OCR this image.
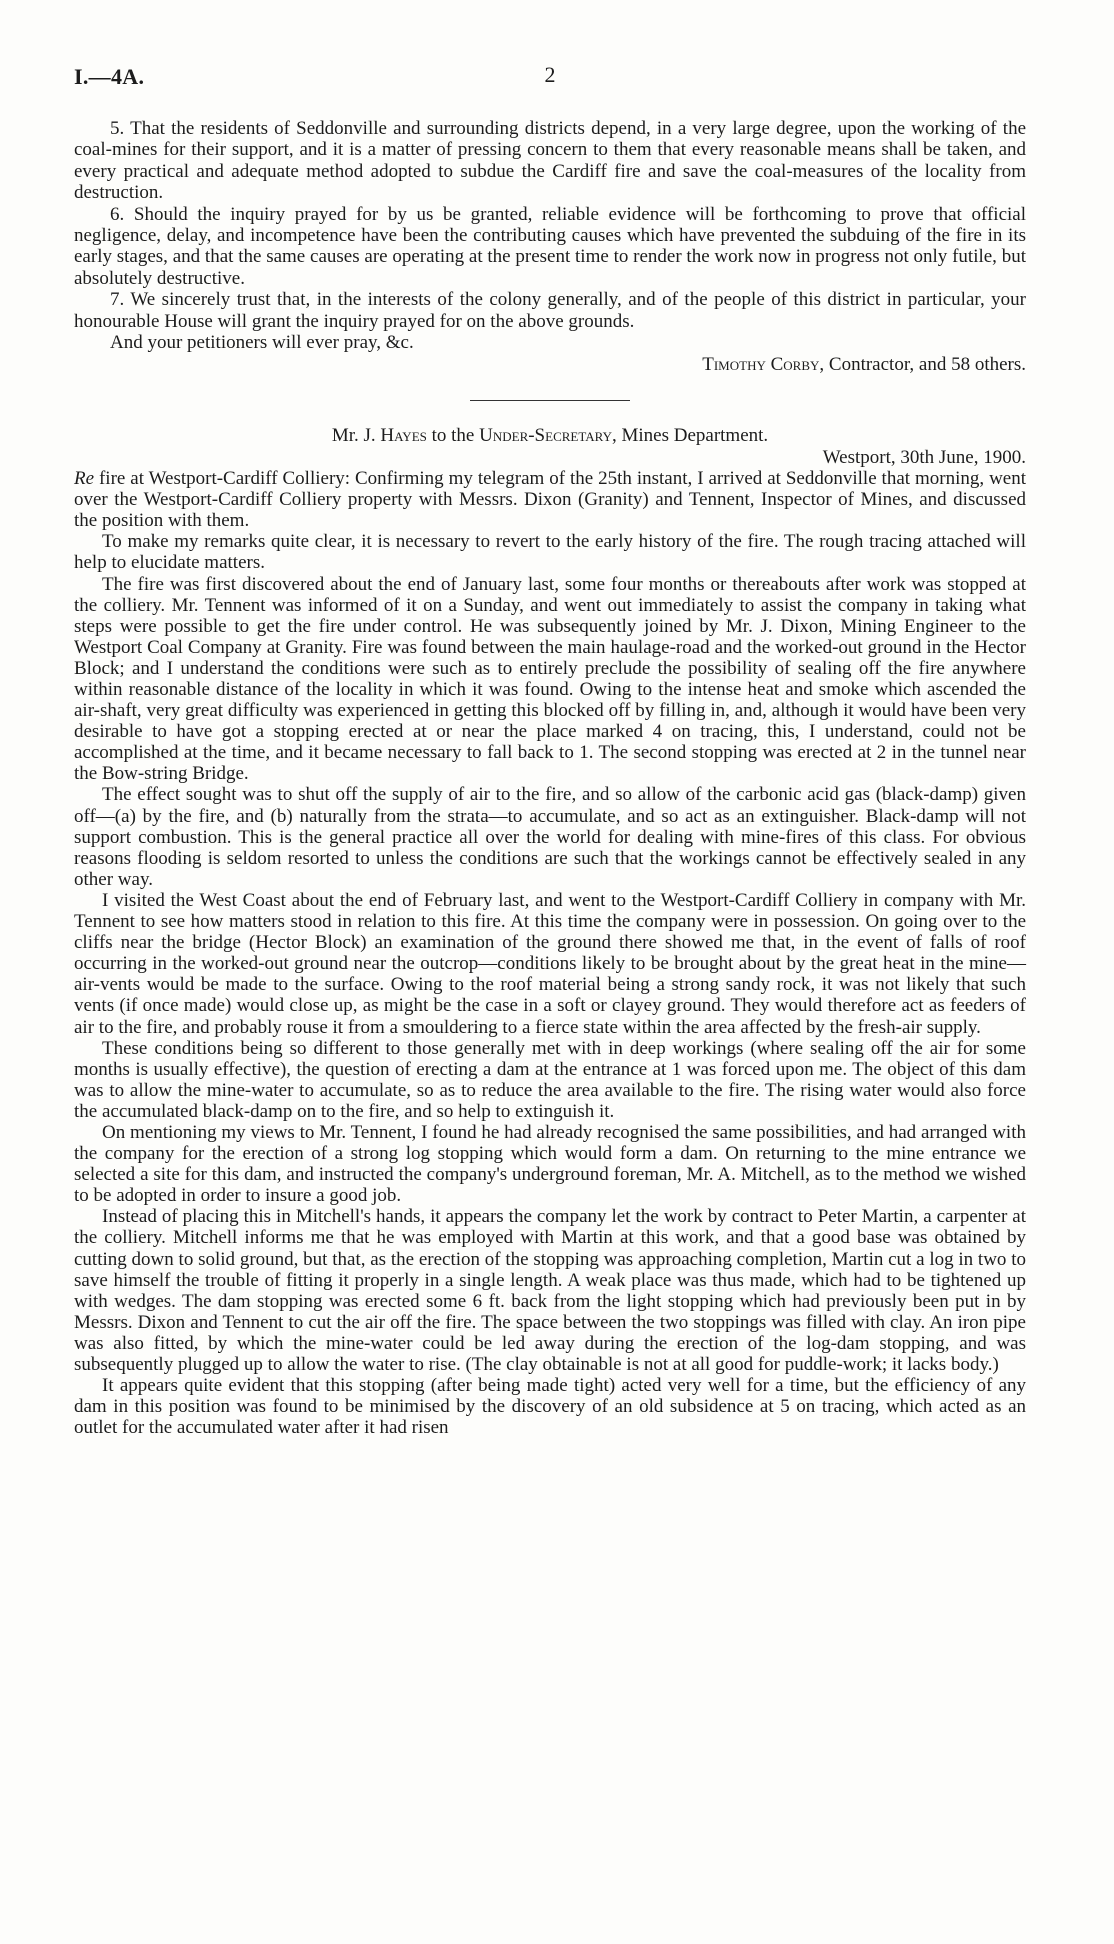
I.—4A.	2

5. That the residents of Seddonville and surrounding districts depend, in a very large degree, upon the working of the coal-mines for their support, and it is a matter of pressing concern to them that every reasonable means shall be taken, and every practical and adequate method adopted to subdue the Cardiff fire and save the coal-measures of the locality from destruction.

6. Should the inquiry prayed for by us be granted, reliable evidence will be forthcoming to prove that official negligence, delay, and incompetence have been the contributing causes which have prevented the subduing of the fire in its early stages, and that the same causes are operating at the present time to render the work now in progress not only futile, but absolutely destructive.

7. We sincerely trust that, in the interests of the colony generally, and of the people of this district in particular, your honourable House will grant the inquiry prayed for on the above grounds.

And your petitioners will ever pray, &c.

Timothy Corby, Contractor, and 58 others.

Mr. J. Hayes to the Under-Secretary, Mines Department.

Westport, 30th June, 1900.

Re fire at Westport-Cardiff Colliery: Confirming my telegram of the 25th instant, I arrived at Seddonville that morning, went over the Westport-Cardiff Colliery property with Messrs. Dixon (Granity) and Tennent, Inspector of Mines, and discussed the position with them.

To make my remarks quite clear, it is necessary to revert to the early history of the fire. The rough tracing attached will help to elucidate matters.

The fire was first discovered about the end of January last, some four months or thereabouts after work was stopped at the colliery. Mr. Tennent was informed of it on a Sunday, and went out immediately to assist the company in taking what steps were possible to get the fire under control. He was subsequently joined by Mr. J. Dixon, Mining Engineer to the Westport Coal Company at Granity. Fire was found between the main haulage-road and the worked-out ground in the Hector Block; and I understand the conditions were such as to entirely preclude the possibility of sealing off the fire anywhere within reasonable distance of the locality in which it was found. Owing to the intense heat and smoke which ascended the air-shaft, very great difficulty was experienced in getting this blocked off by filling in, and, although it would have been very desirable to have got a stopping erected at or near the place marked 4 on tracing, this, I understand, could not be accomplished at the time, and it became necessary to fall back to 1. The second stopping was erected at 2 in the tunnel near the Bow-string Bridge.

The effect sought was to shut off the supply of air to the fire, and so allow of the carbonic acid gas (black-damp) given off—(a) by the fire, and (b) naturally from the strata—to accumulate, and so act as an extinguisher. Black-damp will not support combustion. This is the general practice all over the world for dealing with mine-fires of this class. For obvious reasons flooding is seldom resorted to unless the conditions are such that the workings cannot be effectively sealed in any other way.

I visited the West Coast about the end of February last, and went to the Westport-Cardiff Colliery in company with Mr. Tennent to see how matters stood in relation to this fire. At this time the company were in possession. On going over to the cliffs near the bridge (Hector Block) an examination of the ground there showed me that, in the event of falls of roof occurring in the worked-out ground near the outcrop—conditions likely to be brought about by the great heat in the mine—air-vents would be made to the surface. Owing to the roof material being a strong sandy rock, it was not likely that such vents (if once made) would close up, as might be the case in a soft or clayey ground. They would therefore act as feeders of air to the fire, and probably rouse it from a smouldering to a fierce state within the area affected by the fresh-air supply.

These conditions being so different to those generally met with in deep workings (where sealing off the air for some months is usually effective), the question of erecting a dam at the entrance at 1 was forced upon me. The object of this dam was to allow the mine-water to accumulate, so as to reduce the area available to the fire. The rising water would also force the accumulated black-damp on to the fire, and so help to extinguish it.

On mentioning my views to Mr. Tennent, I found he had already recognised the same possibilities, and had arranged with the company for the erection of a strong log stopping which would form a dam. On returning to the mine entrance we selected a site for this dam, and instructed the company's underground foreman, Mr. A. Mitchell, as to the method we wished to be adopted in order to insure a good job.

Instead of placing this in Mitchell's hands, it appears the company let the work by contract to Peter Martin, a carpenter at the colliery. Mitchell informs me that he was employed with Martin at this work, and that a good base was obtained by cutting down to solid ground, but that, as the erection of the stopping was approaching completion, Martin cut a log in two to save himself the trouble of fitting it properly in a single length. A weak place was thus made, which had to be tightened up with wedges. The dam stopping was erected some 6 ft. back from the light stopping which had previously been put in by Messrs. Dixon and Tennent to cut the air off the fire. The space between the two stoppings was filled with clay. An iron pipe was also fitted, by which the mine-water could be led away during the erection of the log-dam stopping, and was subsequently plugged up to allow the water to rise. (The clay obtainable is not at all good for puddle-work; it lacks body.)

It appears quite evident that this stopping (after being made tight) acted very well for a time, but the efficiency of any dam in this position was found to be minimised by the discovery of an old subsidence at 5 on tracing, which acted as an outlet for the accumulated water after it had risen
